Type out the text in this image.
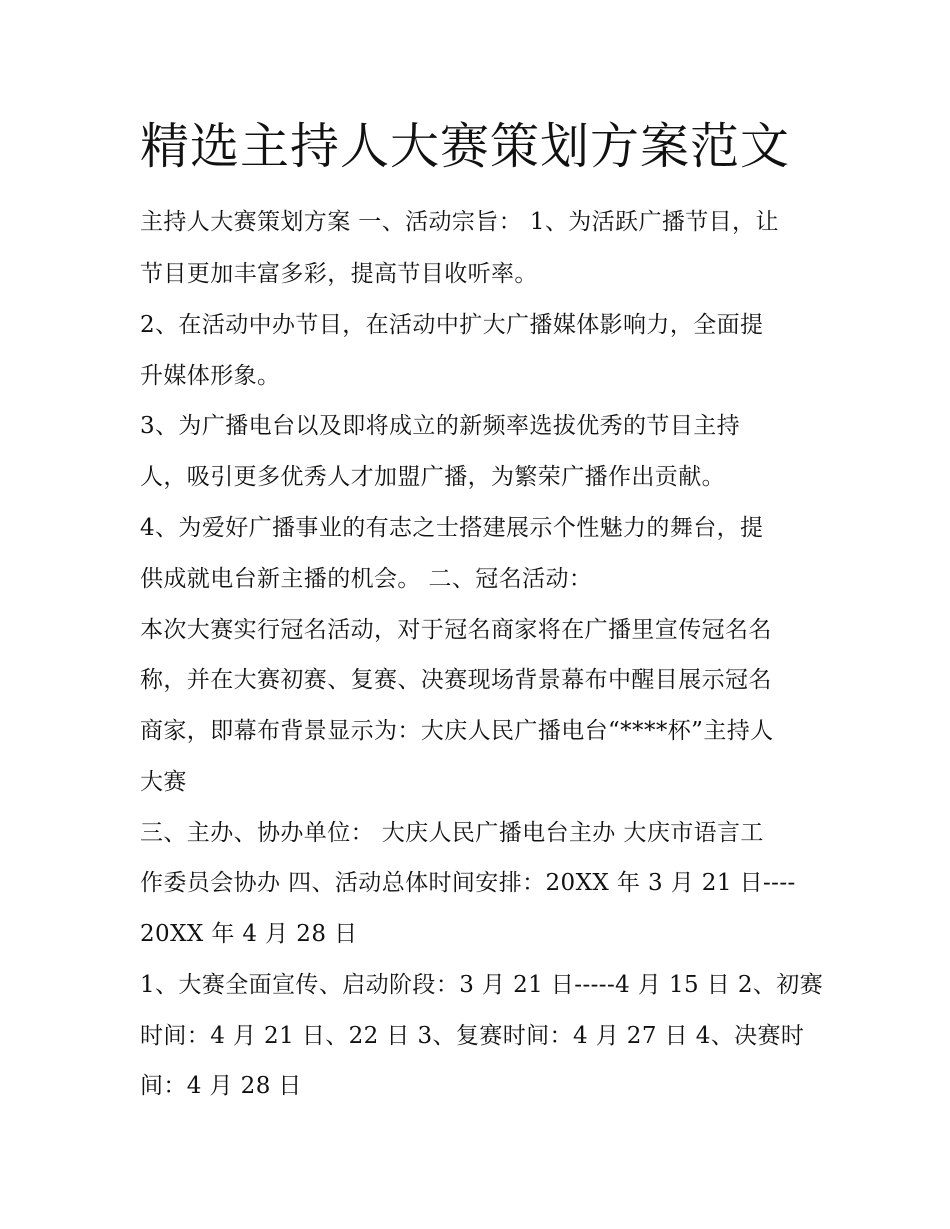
精选主持人大赛策划方案范文
主持人大赛策划方案 一、活动宗旨： 1、为活跃广播节目，让
节目更加丰富多彩，提高节目收听率。
2、在活动中办节目，在活动中扩大广播媒体影响力，全面提
升媒体形象。
3、为广播电台以及即将成立的新频率选拔优秀的节目主持
人，吸引更多优秀人才加盟广播，为繁荣广播作出贡献。
4、为爱好广播事业的有志之士搭建展示个性魅力的舞台，提
供成就电台新主播的机会。 二、冠名活动：
本次大赛实行冠名活动，对于冠名商家将在广播里宣传冠名名
称，并在大赛初赛、复赛、决赛现场背景幕布中醒目展示冠名
商家，即幕布背景显示为：大庆人民广播电台“****杯”主持人
大赛
三、主办、协办单位： 大庆人民广播电台主办 大庆市语言工
作委员会协办 四、活动总体时间安排：20XX 年 3 月 21 日----
20XX 年 4 月 28 日
1、大赛全面宣传、启动阶段：3 月 21 日-----4 月 15 日 2、初赛
时间：4 月 21 日、22 日 3、复赛时间：4 月 27 日 4、决赛时
间：4 月 28 日
